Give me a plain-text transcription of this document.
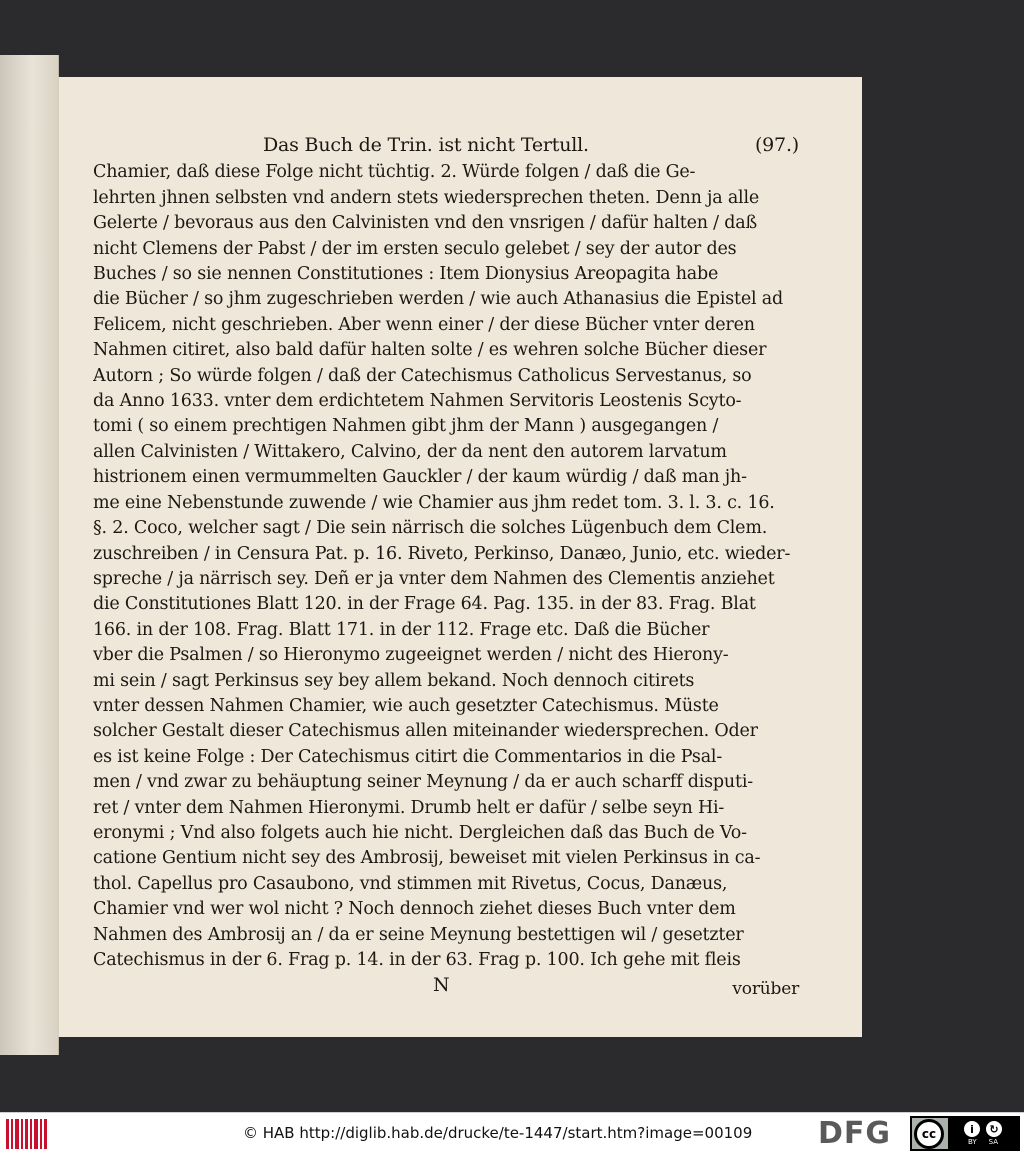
Das Buch de Trin. ist nicht Tertull.	(97.)
Chamier, daß diese Folge nicht tüchtig. 2. Würde folgen / daß die Ge-
lehrten jhnen selbsten vnd andern stets wiedersprechen theten. Denn ja alle
Gelerte / bevoraus aus den Calvinisten vnd den vnsrigen / dafür halten / daß
nicht Clemens der Pabst / der im ersten seculo gelebet / sey der autor des
Buches / so sie nennen Constitutiones : Item Dionysius Areopagita habe
die Bücher / so jhm zugeschrieben werden / wie auch Athanasius die Epistel ad
Felicem, nicht geschrieben. Aber wenn einer / der diese Bücher vnter deren
Nahmen citiret, also bald dafür halten solte / es wehren solche Bücher dieser
Autorn ; So würde folgen / daß der Catechismus Catholicus Servestanus, so
da Anno 1633. vnter dem erdichtetem Nahmen Servitoris Leostenis Scyto-
tomi ( so einem prechtigen Nahmen gibt jhm der Mann ) ausgegangen /
allen Calvinisten / Wittakero, Calvino, der da nent den autorem larvatum
histrionem einen vermummelten Gauckler / der kaum würdig / daß man jh-
me eine Nebenstunde zuwende / wie Chamier aus jhm redet tom. 3. l. 3. c. 16.
§. 2. Coco, welcher sagt / Die sein närrisch die solches Lügenbuch dem Clem.
zuschreiben / in Censura Pat. p. 16. Riveto, Perkinso, Danæo, Junio, etc. wieder-
spreche / ja närrisch sey. Deñ er ja vnter dem Nahmen des Clementis anziehet
die Constitutiones Blatt 120. in der Frage 64. Pag. 135. in der 83. Frag. Blat
166. in der 108. Frag. Blatt 171. in der 112. Frage etc. Daß die Bücher
vber die Psalmen / so Hieronymo zugeeignet werden / nicht des Hierony-
mi sein / sagt Perkinsus sey bey allem bekand. Noch dennoch citirets
vnter dessen Nahmen Chamier, wie auch gesetzter Catechismus. Müste
solcher Gestalt dieser Catechismus allen miteinander wiedersprechen. Oder
es ist keine Folge : Der Catechismus citirt die Commentarios in die Psal-
men / vnd zwar zu behäuptung seiner Meynung / da er auch scharff disputi-
ret / vnter dem Nahmen Hieronymi. Drumb helt er dafür / selbe seyn Hi-
eronymi ; Vnd also folgets auch hie nicht. Dergleichen daß das Buch de Vo-
catione Gentium nicht sey des Ambrosij, beweiset mit vielen Perkinsus in ca-
thol. Capellus pro Casaubono, vnd stimmen mit Rivetus, Cocus, Danæus,
Chamier vnd wer wol nicht ? Noch dennoch ziehet dieses Buch vnter dem
Nahmen des Ambrosij an / da er seine Meynung bestettigen wil / gesetzter
Catechismus in der 6. Frag p. 14. in der 63. Frag p. 100. Ich gehe mit fleis
N	vorüber
© HAB http://diglib.hab.de/drucke/te-1447/start.htm?image=00109 DFG	cc	i	↻
BY SA
